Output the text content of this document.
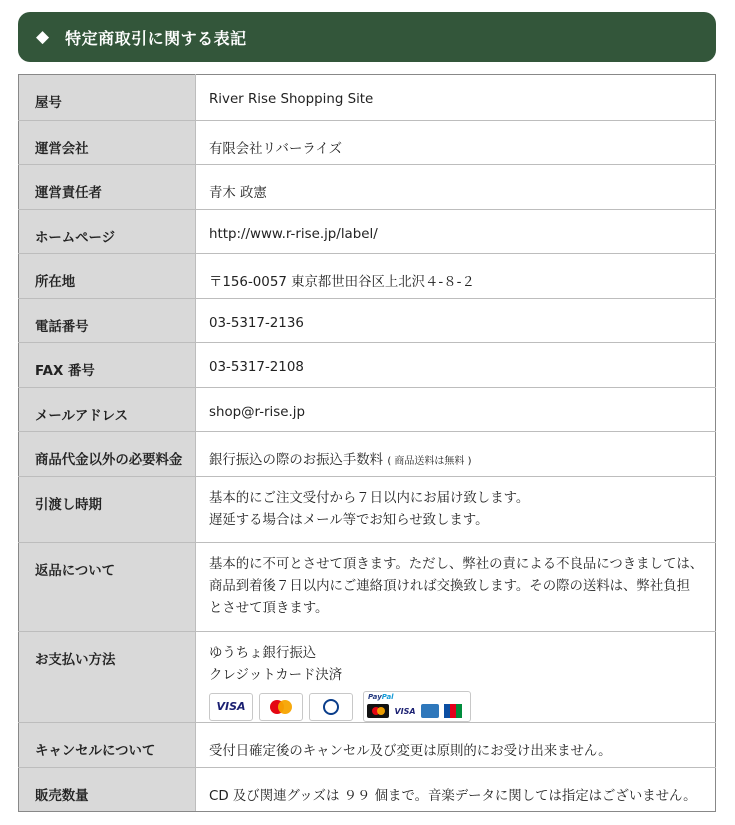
◆ 特定商取引に関する表記
屋号	River Rise Shopping Site

運営会社	有限会社リバーライズ

運営責任者	青木 政憲

ホームページ	http://www.r-rise.jp/label/

所在地	〒156-0057 東京都世田谷区上北沢４-８-２

電話番号	03-5317-2136

FAX 番号	03-5317-2108

メールアドレス	shop@r-rise.jp

商品代金以外の必要料金	銀行振込の際のお振込手数料 ( 商品送料は無料 )

引渡し時期	基本的にご注文受付から７日以内にお届け致します。
遅延する場合はメール等でお知らせ致します。

返品について	基本的に不可とさせて頂きます。ただし、弊社の責による不良品につきましては、
商品到着後７日以内にご連絡頂ければ交換致します。その際の送料は、弊社負担
とさせて頂きます。

お支払い方法	ゆうちょ銀行振込
クレジットカード決済
VISA
PayPal
VISA

キャンセルについて	受付日確定後のキャンセル及び変更は原則的にお受け出来ません。

販売数量	CD 及び関連グッズは ９９ 個まで。音楽データに関しては指定はございません。
